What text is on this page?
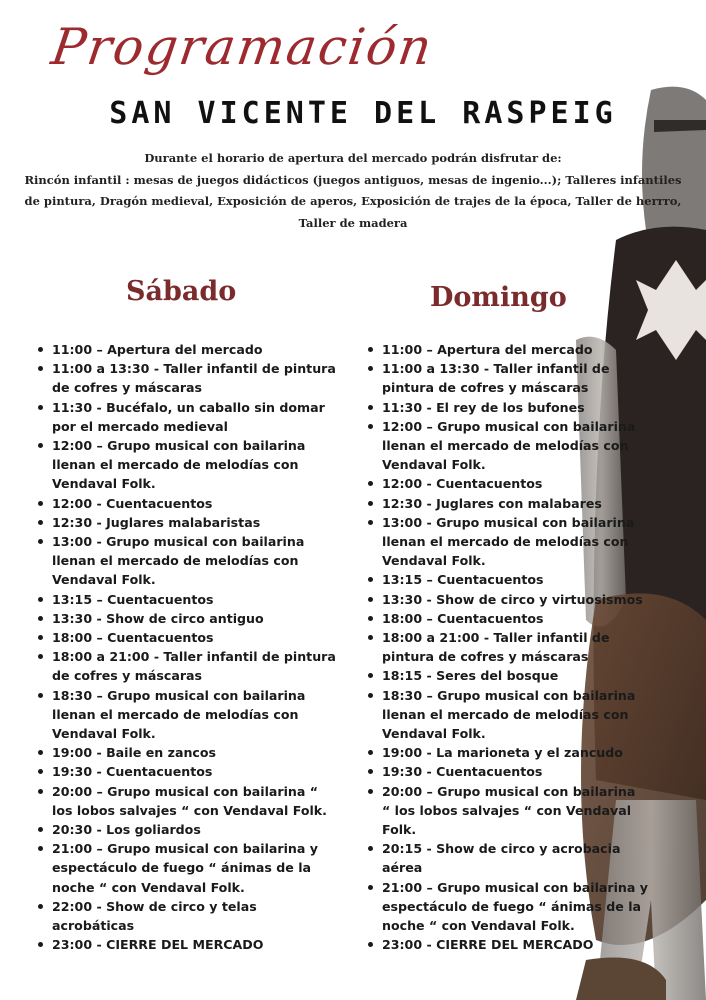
Programación
SAN VICENTE DEL RASPEIG
Durante el horario de apertura del mercado podrán disfrutar de:
Rincón infantil : mesas de juegos didácticos (juegos antiguos, mesas de ingenio...); Talleres infantiles
de pintura, Dragón medieval, Exposición de aperos, Exposición de trajes de la época, Taller de herrro,
Taller de madera
Sábado	Domingo
11:00 – Apertura del mercado
11:00 a 13:30 - Taller infantil de pintura de cofres y máscaras
11:30 - Bucéfalo, un caballo sin domar por el mercado medieval
12:00 – Grupo musical con bailarina llenan el mercado de melodías con Vendaval Folk.
12:00 - Cuentacuentos
12:30 - Juglares malabaristas
13:00 - Grupo musical con bailarina llenan el mercado de melodías con Vendaval Folk.
13:15 – Cuentacuentos
13:30 - Show de circo antiguo
18:00 – Cuentacuentos
18:00 a 21:00 - Taller infantil de pintura de cofres y máscaras
18:30 – Grupo musical con bailarina llenan el mercado de melodías con Vendaval Folk.
19:00 - Baile en zancos
19:30 - Cuentacuentos
20:00 – Grupo musical con bailarina “ los lobos salvajes “ con Vendaval Folk.
20:30 - Los goliardos
21:00 – Grupo musical con bailarina y espectáculo de fuego “ ánimas de la noche “ con Vendaval Folk.
22:00 - Show de circo y telas acrobáticas
23:00 - CIERRE DEL MERCADO
11:00 – Apertura del mercado
11:00 a 13:30 - Taller infantil de pintura de cofres y máscaras
11:30 - El rey de los bufones
12:00 – Grupo musical con bailarina llenan el mercado de melodías con Vendaval Folk.
12:00 - Cuentacuentos
12:30 - Juglares con malabares
13:00 - Grupo musical con bailarina llenan el mercado de melodías con Vendaval Folk.
13:15 – Cuentacuentos
13:30 - Show de circo y virtuosismos
18:00 – Cuentacuentos
18:00 a 21:00 - Taller infantil de pintura de cofres y máscaras
18:15 - Seres del bosque
18:30 – Grupo musical con bailarina llenan el mercado de melodías con Vendaval Folk.
19:00 - La marioneta y el zancudo
19:30 - Cuentacuentos
20:00 – Grupo musical con bailarina “ los lobos salvajes “ con Vendaval Folk.
20:15 - Show de circo y acrobacia aérea
21:00 – Grupo musical con bailarina y espectáculo de fuego “ ánimas de la noche “ con Vendaval Folk.
23:00 - CIERRE DEL MERCADO
